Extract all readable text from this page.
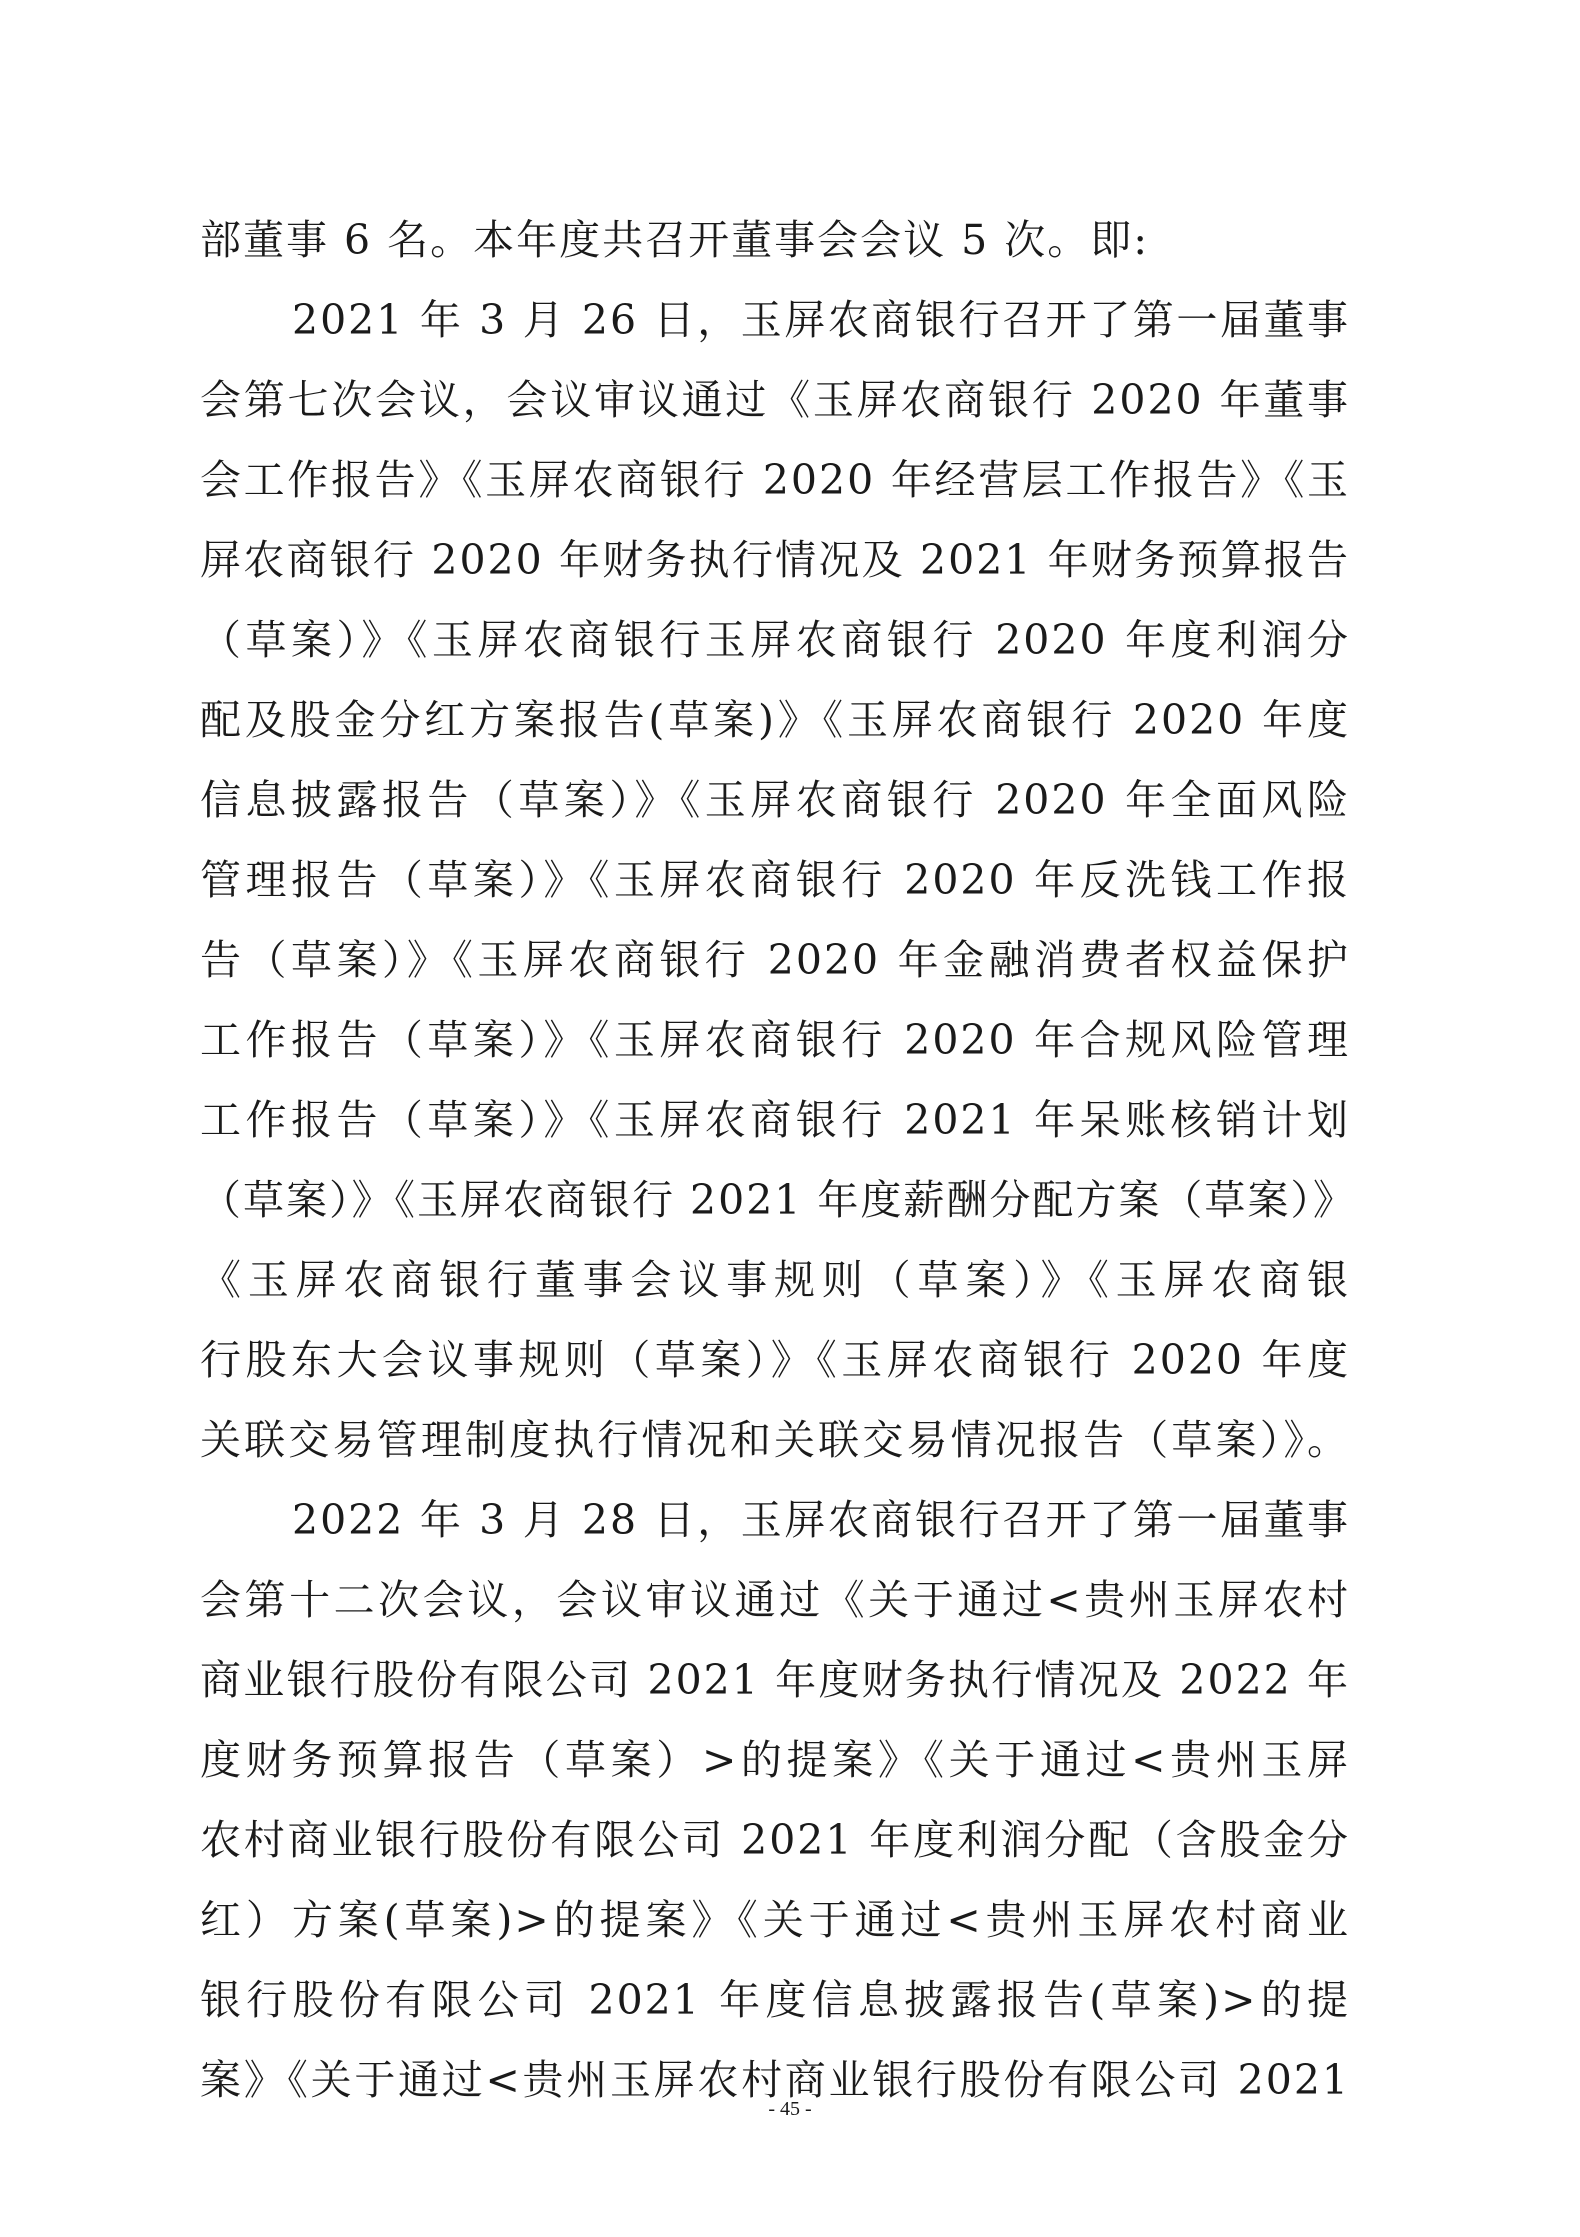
部董事 6 名。本年度共召开董事会会议 5 次。即:
2021 年 3 月 26 日，玉屏农商银行召开了第一届董事
会第七次会议，会议审议通过《玉屏农商银行 2020 年董事
会工作报告》《玉屏农商银行 2020 年经营层工作报告》《玉
屏农商银行 2020 年财务执行情况及 2021 年财务预算报告
（草案）》《玉屏农商银行玉屏农商银行 2020 年度利润分
配及股金分红方案报告(草案)》《玉屏农商银行 2020 年度
信息披露报告（草案）》《玉屏农商银行 2020 年全面风险
管理报告（草案）》《玉屏农商银行 2020 年反洗钱工作报
告（草案）》《玉屏农商银行 2020 年金融消费者权益保护
工作报告（草案）》《玉屏农商银行 2020 年合规风险管理
工作报告（草案）》《玉屏农商银行 2021 年呆账核销计划
（草案）》《玉屏农商银行 2021 年度薪酬分配方案（草案）》
《玉屏农商银行董事会议事规则（草案）》《玉屏农商银
行股东大会议事规则（草案）》《玉屏农商银行 2020 年度
关联交易管理制度执行情况和关联交易情况报告（草案）》。
2022 年 3 月 28 日，玉屏农商银行召开了第一届董事
会第十二次会议，会议审议通过《关于通过<贵州玉屏农村
商业银行股份有限公司 2021 年度财务执行情况及 2022 年
度财务预算报告（草案）>的提案》《关于通过<贵州玉屏
农村商业银行股份有限公司 2021 年度利润分配（含股金分
红）方案(草案)>的提案》《关于通过<贵州玉屏农村商业
银行股份有限公司 2021 年度信息披露报告(草案)>的提
案》《关于通过<贵州玉屏农村商业银行股份有限公司 2021
- 45 -
